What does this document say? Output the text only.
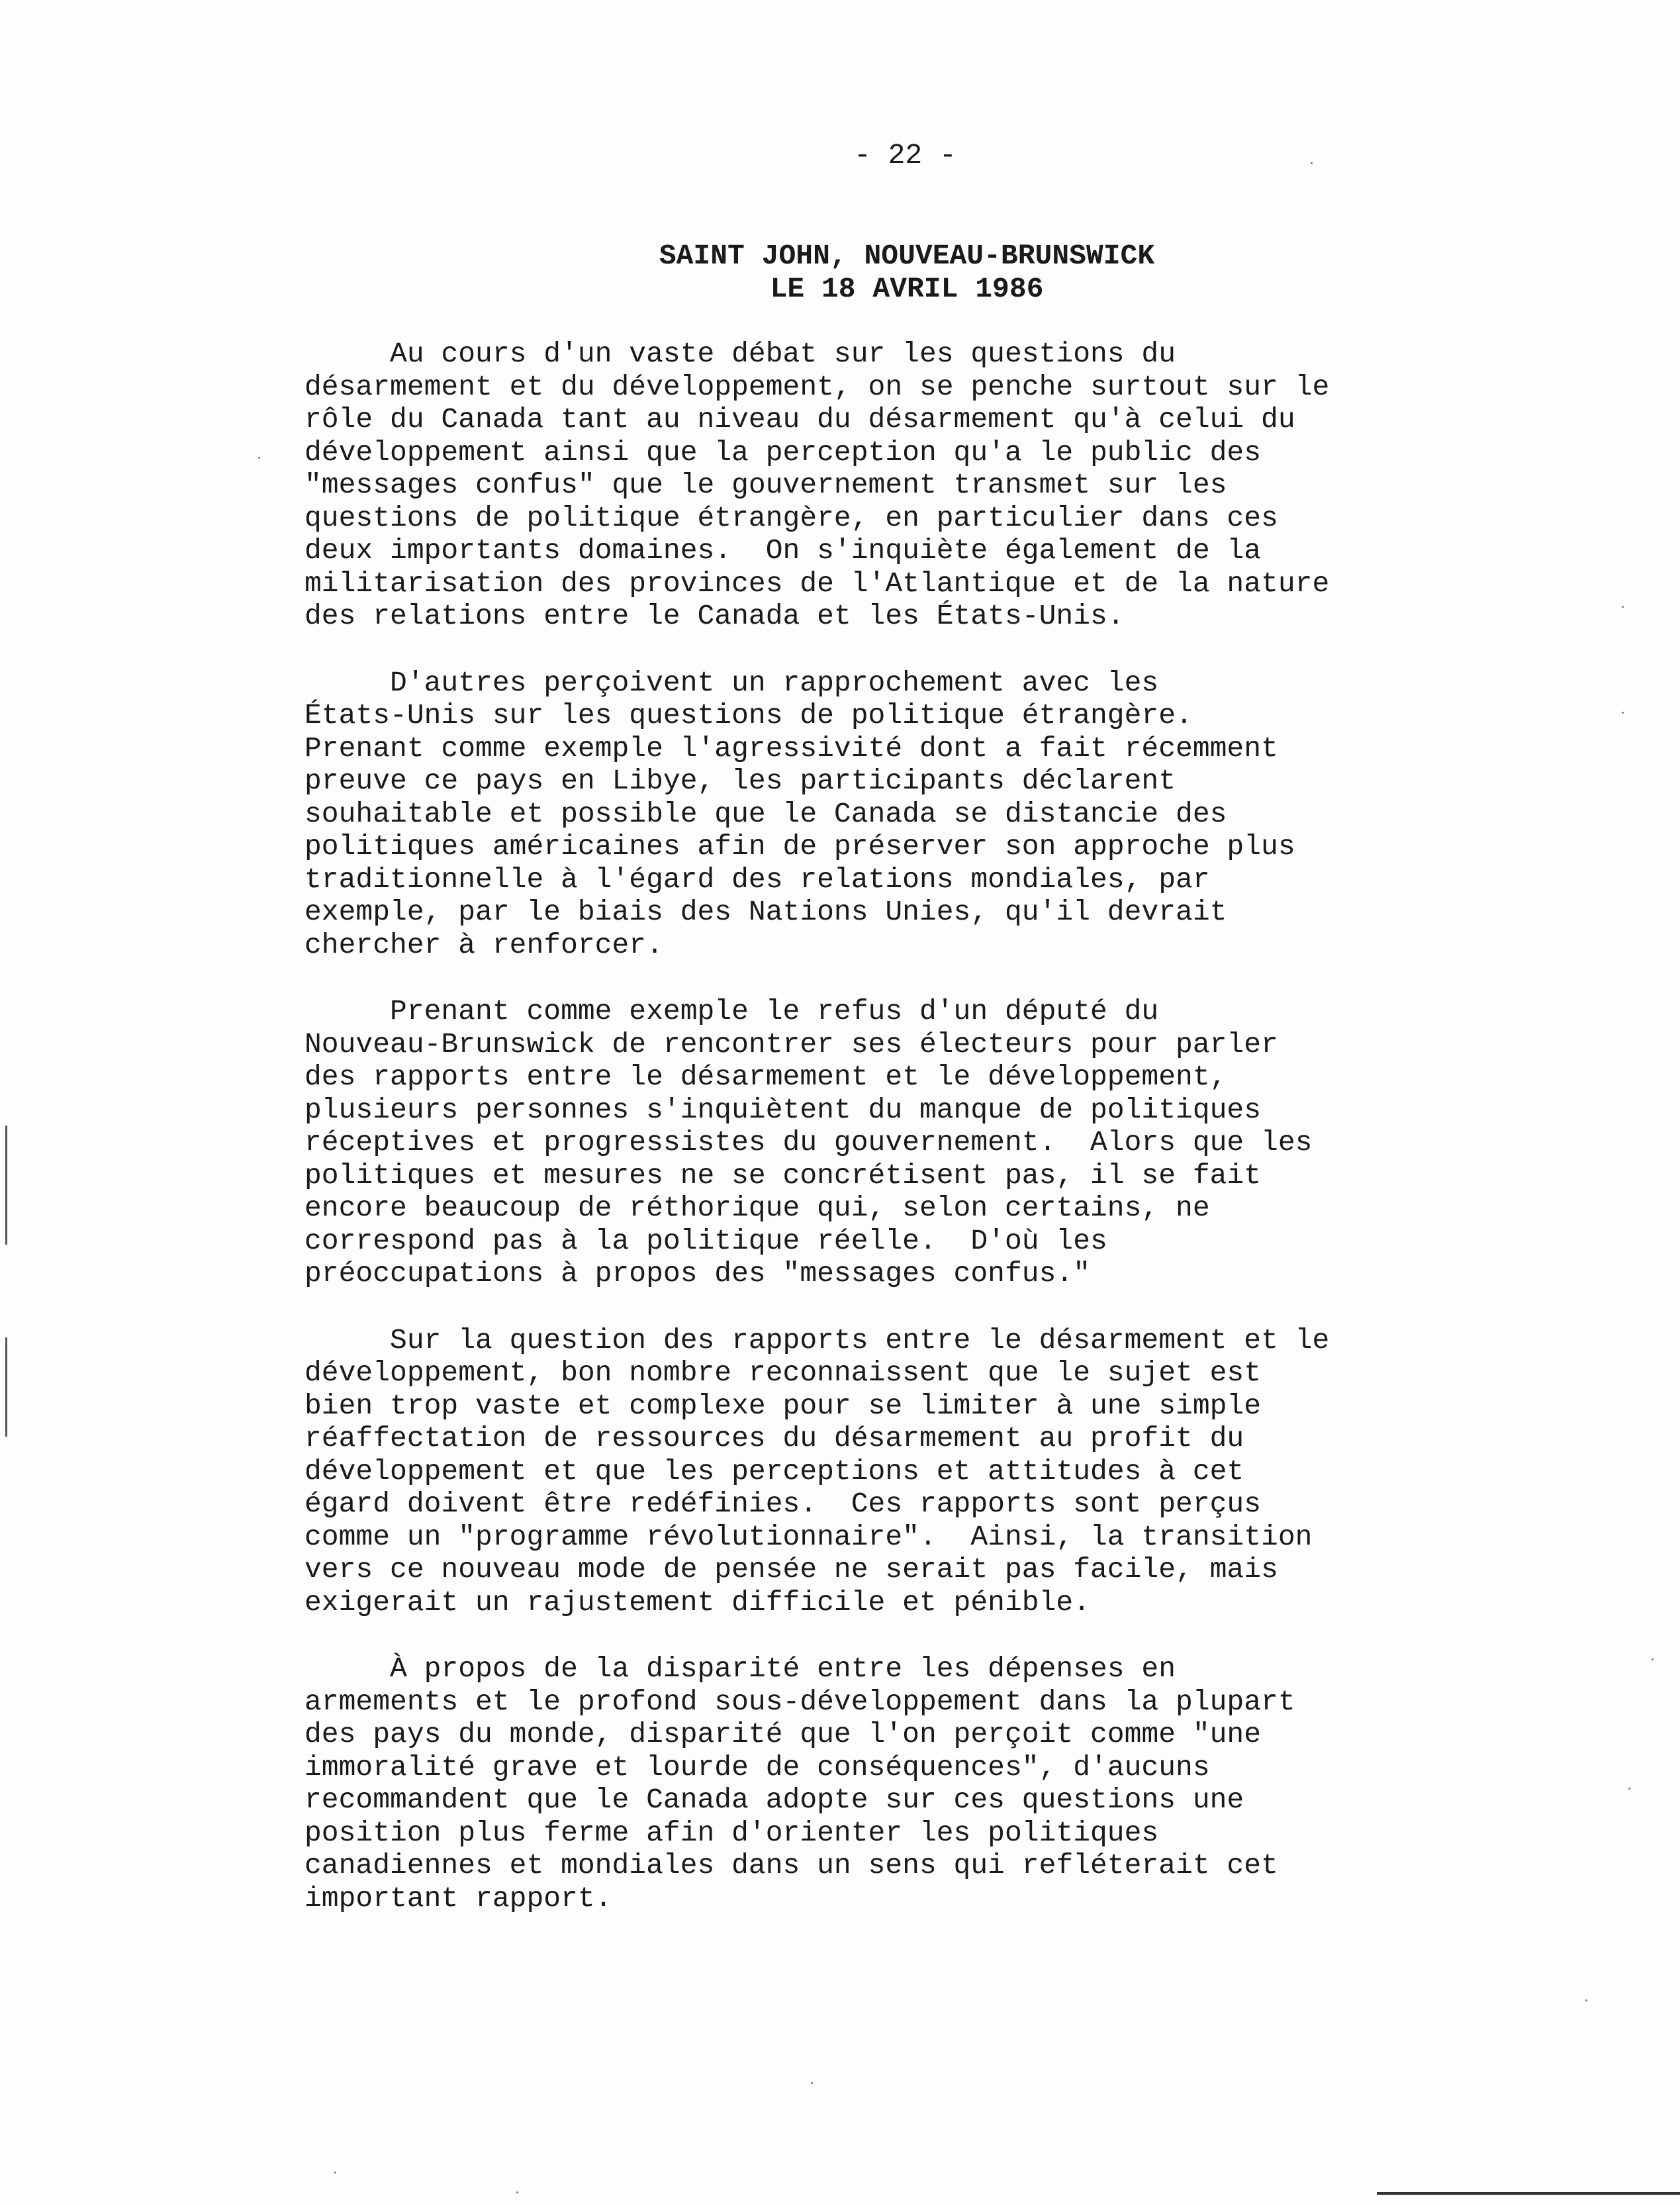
- 22 -
SAINT JOHN, NOUVEAU-BRUNSWICK
LE 18 AVRIL 1986
Au cours d'un vaste débat sur les questions du
désarmement et du développement, on se penche surtout sur le
rôle du Canada tant au niveau du désarmement qu'à celui du
développement ainsi que la perception qu'a le public des
"messages confus" que le gouvernement transmet sur les
questions de politique étrangère, en particulier dans ces
deux importants domaines.  On s'inquiète également de la
militarisation des provinces de l'Atlantique et de la nature
des relations entre le Canada et les États-Unis.
D'autres perçoivent un rapprochement avec les
États-Unis sur les questions de politique étrangère.
Prenant comme exemple l'agressivité dont a fait récemment
preuve ce pays en Libye, les participants déclarent
souhaitable et possible que le Canada se distancie des
politiques américaines afin de préserver son approche plus
traditionnelle à l'égard des relations mondiales, par
exemple, par le biais des Nations Unies, qu'il devrait
chercher à renforcer.
Prenant comme exemple le refus d'un député du
Nouveau-Brunswick de rencontrer ses électeurs pour parler
des rapports entre le désarmement et le développement,
plusieurs personnes s'inquiètent du manque de politiques
réceptives et progressistes du gouvernement.  Alors que les
politiques et mesures ne se concrétisent pas, il se fait
encore beaucoup de réthorique qui, selon certains, ne
correspond pas à la politique réelle.  D'où les
préoccupations à propos des "messages confus."
Sur la question des rapports entre le désarmement et le
développement, bon nombre reconnaissent que le sujet est
bien trop vaste et complexe pour se limiter à une simple
réaffectation de ressources du désarmement au profit du
développement et que les perceptions et attitudes à cet
égard doivent être redéfinies.  Ces rapports sont perçus
comme un "programme révolutionnaire".  Ainsi, la transition
vers ce nouveau mode de pensée ne serait pas facile, mais
exigerait un rajustement difficile et pénible.
À propos de la disparité entre les dépenses en
armements et le profond sous-développement dans la plupart
des pays du monde, disparité que l'on perçoit comme "une
immoralité grave et lourde de conséquences", d'aucuns
recommandent que le Canada adopte sur ces questions une
position plus ferme afin d'orienter les politiques
canadiennes et mondiales dans un sens qui refléterait cet
important rapport.
